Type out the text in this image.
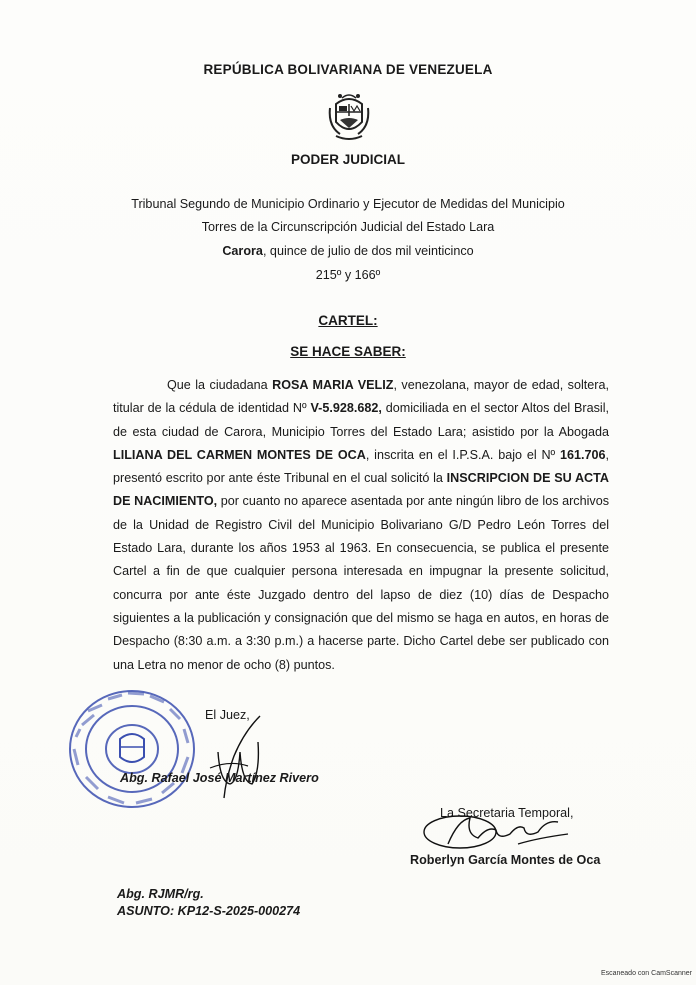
REPÚBLICA BOLIVARIANA DE VENEZUELA
PODER JUDICIAL
Tribunal Segundo de Municipio Ordinario y Ejecutor de Medidas del Municipio
Torres de la Circunscripción Judicial del Estado Lara
Carora, quince de julio de dos mil veinticinco
215º y 166º
CARTEL:
SE HACE SABER:

Que la ciudadana ROSA MARIA VELIZ, venezolana, mayor de edad, soltera, titular de la cédula de identidad Nº V-5.928.682, domiciliada en el sector Altos del Brasil, de esta ciudad de Carora, Municipio Torres del Estado Lara; asistido por la Abogada LILIANA DEL CARMEN MONTES DE OCA, inscrita en el I.P.S.A. bajo el Nº 161.706, presentó escrito por ante éste Tribunal en el cual solicitó la INSCRIPCION DE SU ACTA DE NACIMIENTO, por cuanto no aparece asentada por ante ningún libro de los archivos de la Unidad de Registro Civil del Municipio Bolivariano G/D Pedro León Torres del Estado Lara, durante los años 1953 al 1963. En consecuencia, se publica el presente Cartel a fin de que cualquier persona interesada en impugnar la presente solicitud, concurra por ante éste Juzgado dentro del lapso de diez (10) días de Despacho siguientes a la publicación y consignación que del mismo se haga en autos, en horas de Despacho (8:30 a.m. a 3:30 p.m.) a hacerse parte. Dicho Cartel debe ser publicado con una Letra no menor de ocho (8) puntos.

El Juez,
Abg. Rafael José Martínez Rivero
La Secretaria Temporal,
Roberlyn García Montes de Oca
Abg. RJMR/rg.
ASUNTO: KP12-S-2025-000274
Escaneado con CamScanner
